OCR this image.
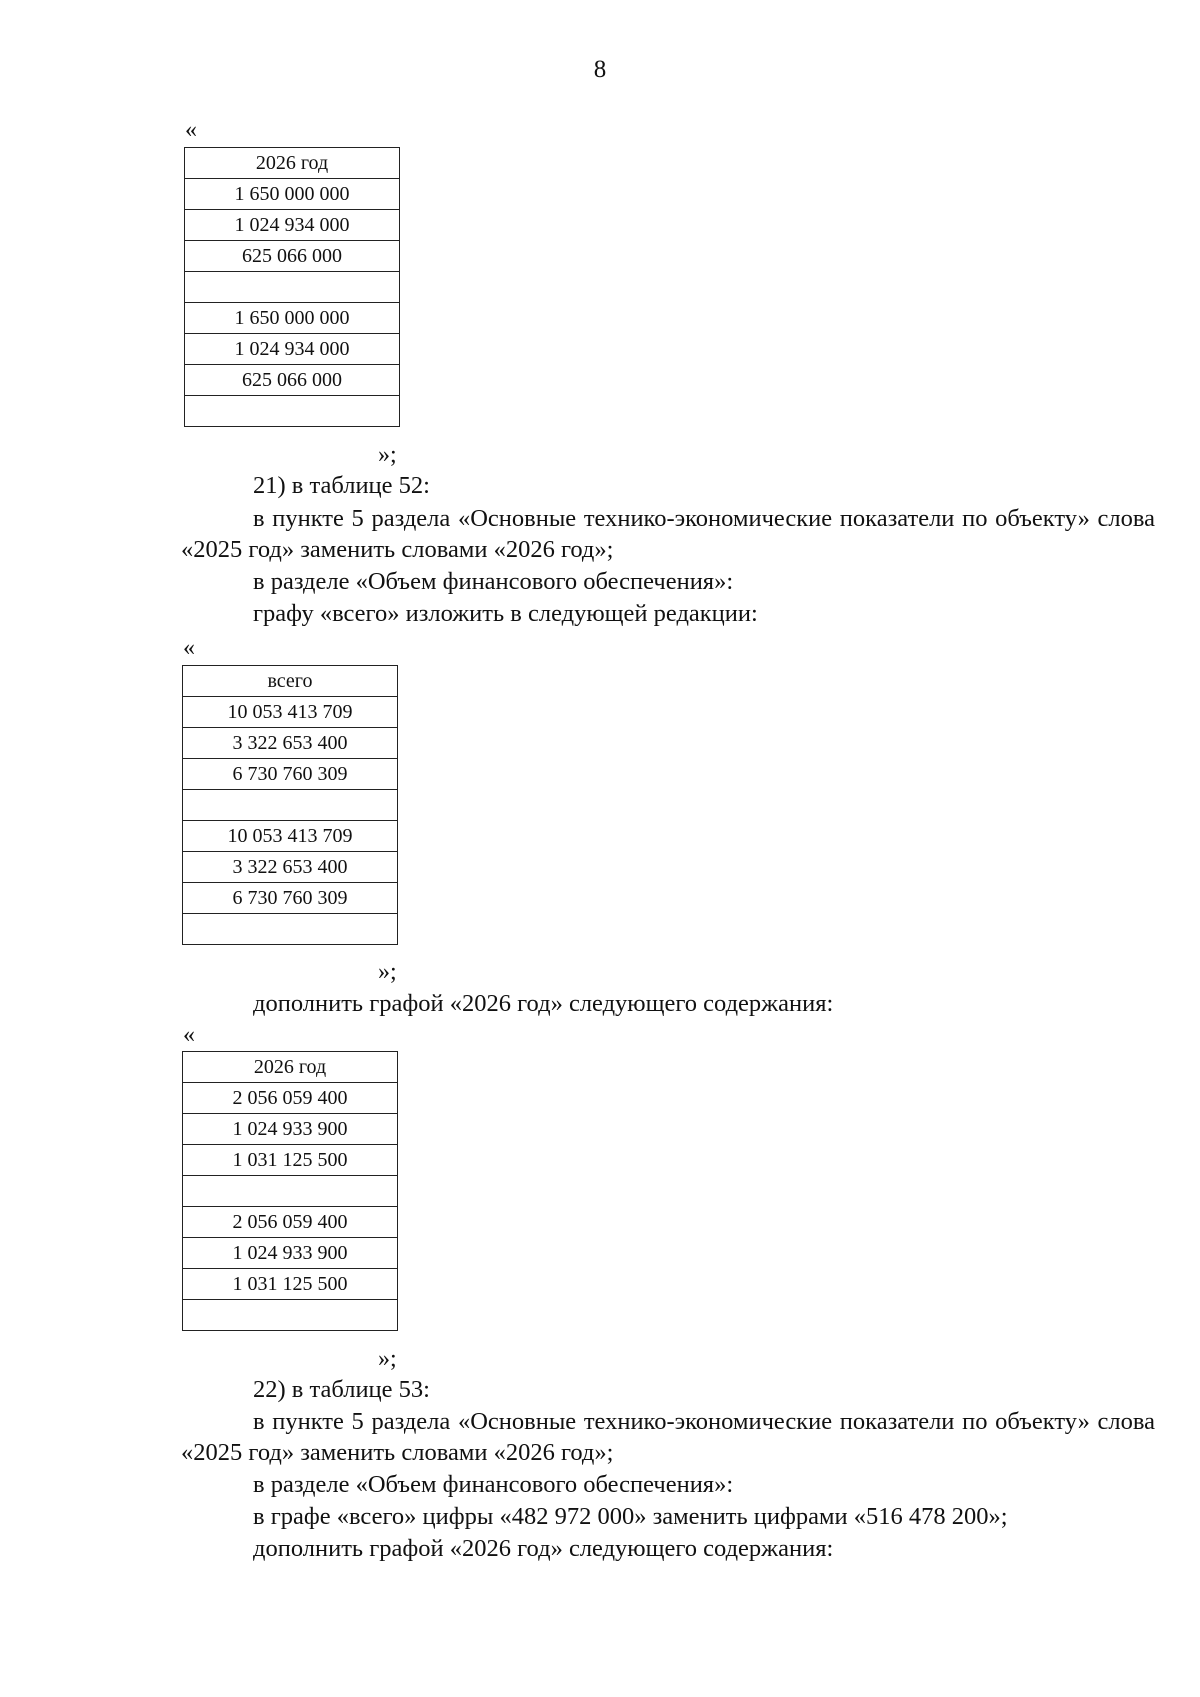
8
«
2026 год
1 650 000 000
1 024 934 000
625 066 000

1 650 000 000
1 024 934 000
625 066 000

»;

21) в таблице 52:

в пункте 5 раздела «Основные технико-экономические показатели по объекту» слова «2025 год» заменить словами «2026 год»;

в разделе «Объем финансового обеспечения»:

графу «всего» изложить в следующей редакции:

«
всего
10 053 413 709
3 322 653 400
6 730 760 309

10 053 413 709
3 322 653 400
6 730 760 309

»;

дополнить графой «2026 год» следующего содержания:

«
2026 год
2 056 059 400
1 024 933 900
1 031 125 500

2 056 059 400
1 024 933 900
1 031 125 500

»;

22) в таблице 53:

в пункте 5 раздела «Основные технико-экономические показатели по объекту» слова «2025 год» заменить словами «2026 год»;

в разделе «Объем финансового обеспечения»:

в графе «всего» цифры «482 972 000» заменить цифрами «516 478 200»;

дополнить графой «2026 год» следующего содержания:
